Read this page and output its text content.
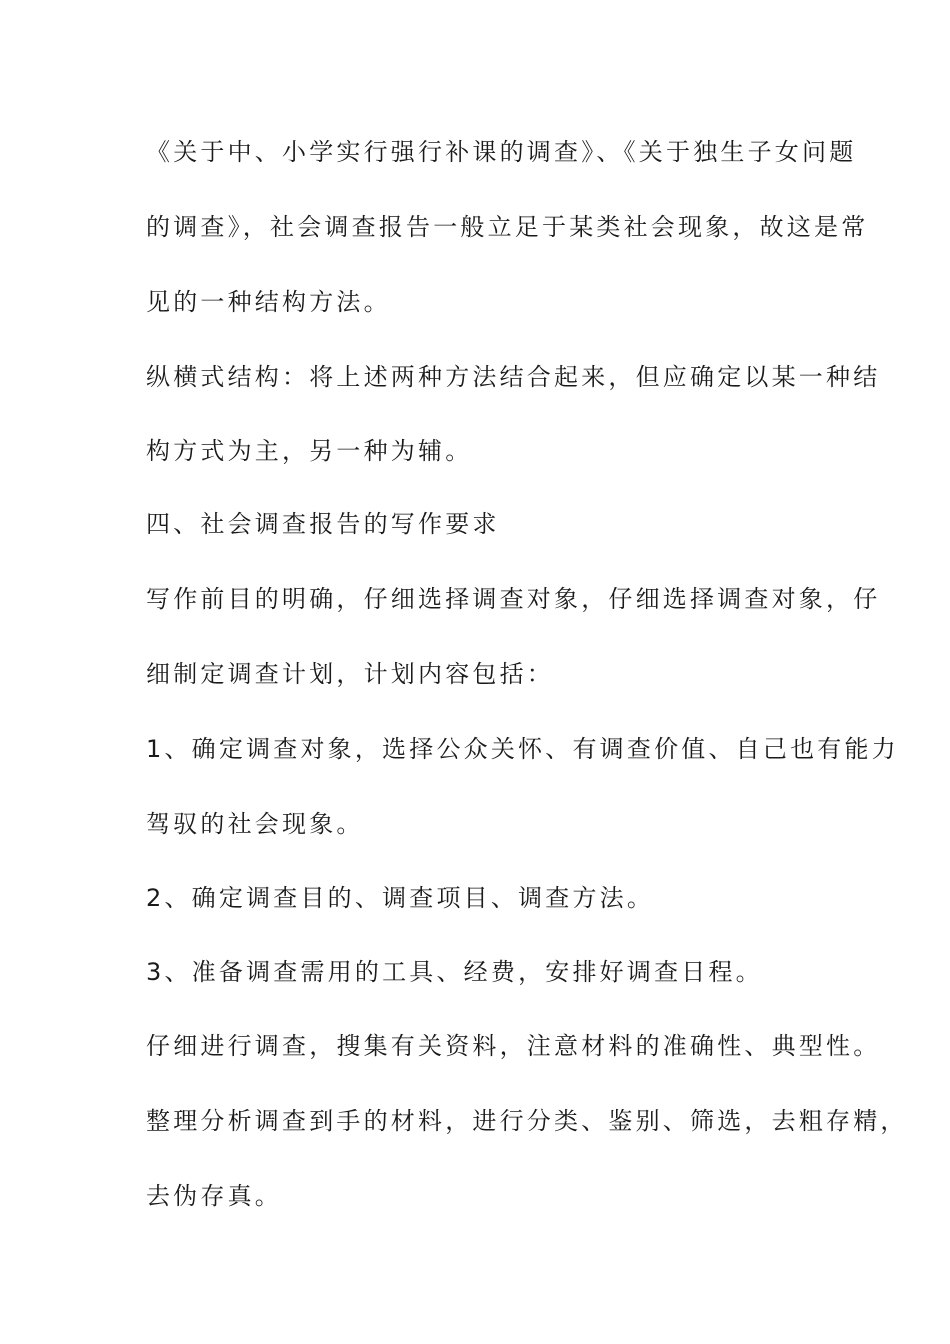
《关于中、小学实行强行补课的调查》、《关于独生子女问题

的调查》，社会调查报告一般立足于某类社会现象，故这是常

见的一种结构方法。

纵横式结构：将上述两种方法结合起来，但应确定以某一种结

构方式为主，另一种为辅。

四、社会调查报告的写作要求

写作前目的明确，仔细选择调查对象，仔细选择调查对象，仔

细制定调查计划，计划内容包括：

1、确定调查对象，选择公众关怀、有调查价值、自己也有能力

驾驭的社会现象。

2、确定调查目的、调查项目、调查方法。

3、准备调查需用的工具、经费，安排好调查日程。

仔细进行调查，搜集有关资料，注意材料的准确性、典型性。

整理分析调查到手的材料，进行分类、鉴别、筛选，去粗存精，

去伪存真。
